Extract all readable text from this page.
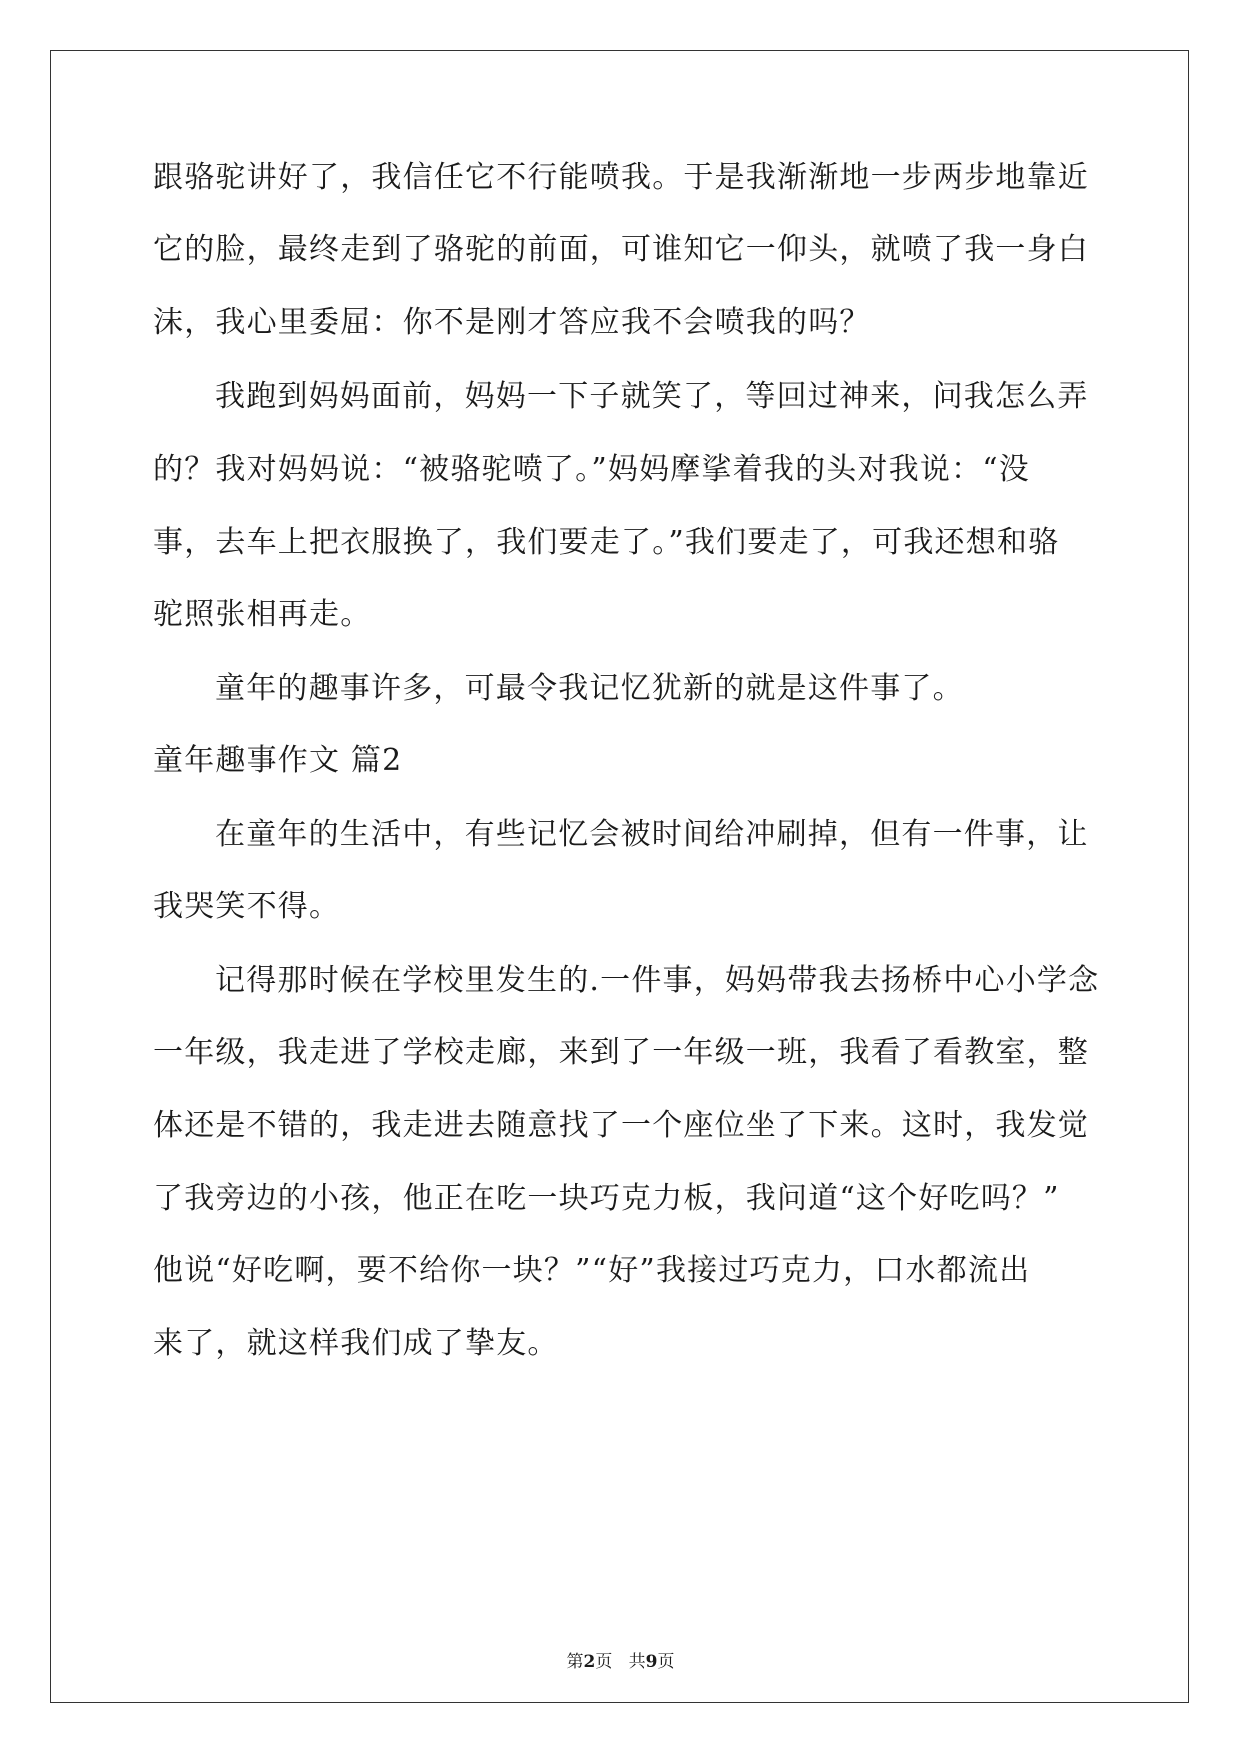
跟骆驼讲好了，我信任它不行能喷我。于是我渐渐地一步两步地靠近
它的脸，最终走到了骆驼的前面，可谁知它一仰头，就喷了我一身白
沫，我心里委屈：你不是刚才答应我不会喷我的吗？
我跑到妈妈面前，妈妈一下子就笑了，等回过神来，问我怎么弄
的？我对妈妈说：“被骆驼喷了。”妈妈摩挲着我的头对我说：“没
事，去车上把衣服换了，我们要走了。”我们要走了，可我还想和骆
驼照张相再走。
童年的趣事许多，可最令我记忆犹新的就是这件事了。
童年趣事作文 篇2
在童年的生活中，有些记忆会被时间给冲刷掉，但有一件事，让
我哭笑不得。
记得那时候在学校里发生的.一件事，妈妈带我去扬桥中心小学念
一年级，我走进了学校走廊，来到了一年级一班，我看了看教室，整
体还是不错的，我走进去随意找了一个座位坐了下来。这时，我发觉
了我旁边的小孩，他正在吃一块巧克力板，我问道“这个好吃吗？”
他说“好吃啊，要不给你一块？”“好”我接过巧克力，口水都流出
来了，就这样我们成了挚友。
第2页 共9页
